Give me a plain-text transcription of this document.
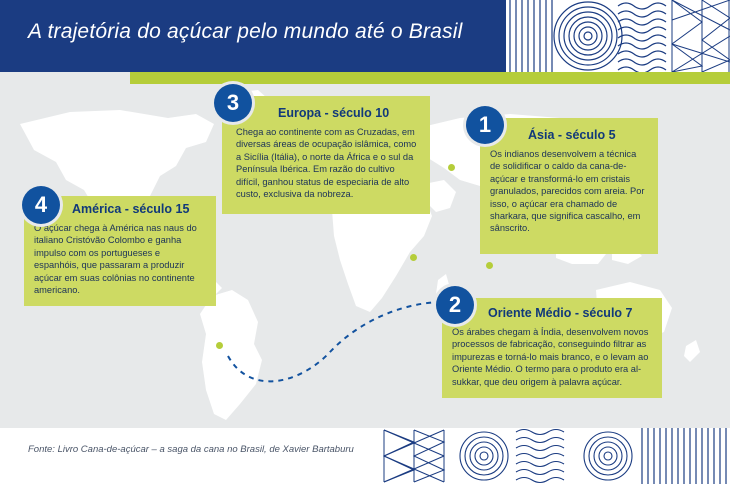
A trajetória do açúcar pelo mundo até o Brasil
Europa - século 10
Chega ao continente com as Cruzadas, em diversas áreas de ocupação islâmica, como a Sicília (Itália), o norte da África e o sul da Península Ibérica. Em razão do cultivo difícil, ganhou status de especiaria de alto custo, exclusiva da nobreza.
3
Ásia - século 5
Os indianos desenvolvem a técnica de solidificar o caldo da cana-de-açúcar e transformá-lo em cristais granulados, parecidos com areia. Por isso, o açúcar era chamado de sharkara, que significa cascalho, em sânscrito.
1
América - século 15
O açúcar chega à América nas naus do italiano Cristóvão Colombo e ganha impulso com os portugueses e espanhóis, que passaram a produzir açúcar em suas colônias no continente americano.
4
Oriente Médio - século 7
Os árabes chegam à Índia, desenvolvem novos processos de fabricação, conseguindo filtrar as impurezas e torná-lo mais branco, e o levam ao Oriente Médio. O termo para o produto era al-sukkar, que deu origem à palavra açúcar.
2
Fonte: Livro Cana-de-açúcar – a saga da cana no Brasil, de Xavier Bartaburu
